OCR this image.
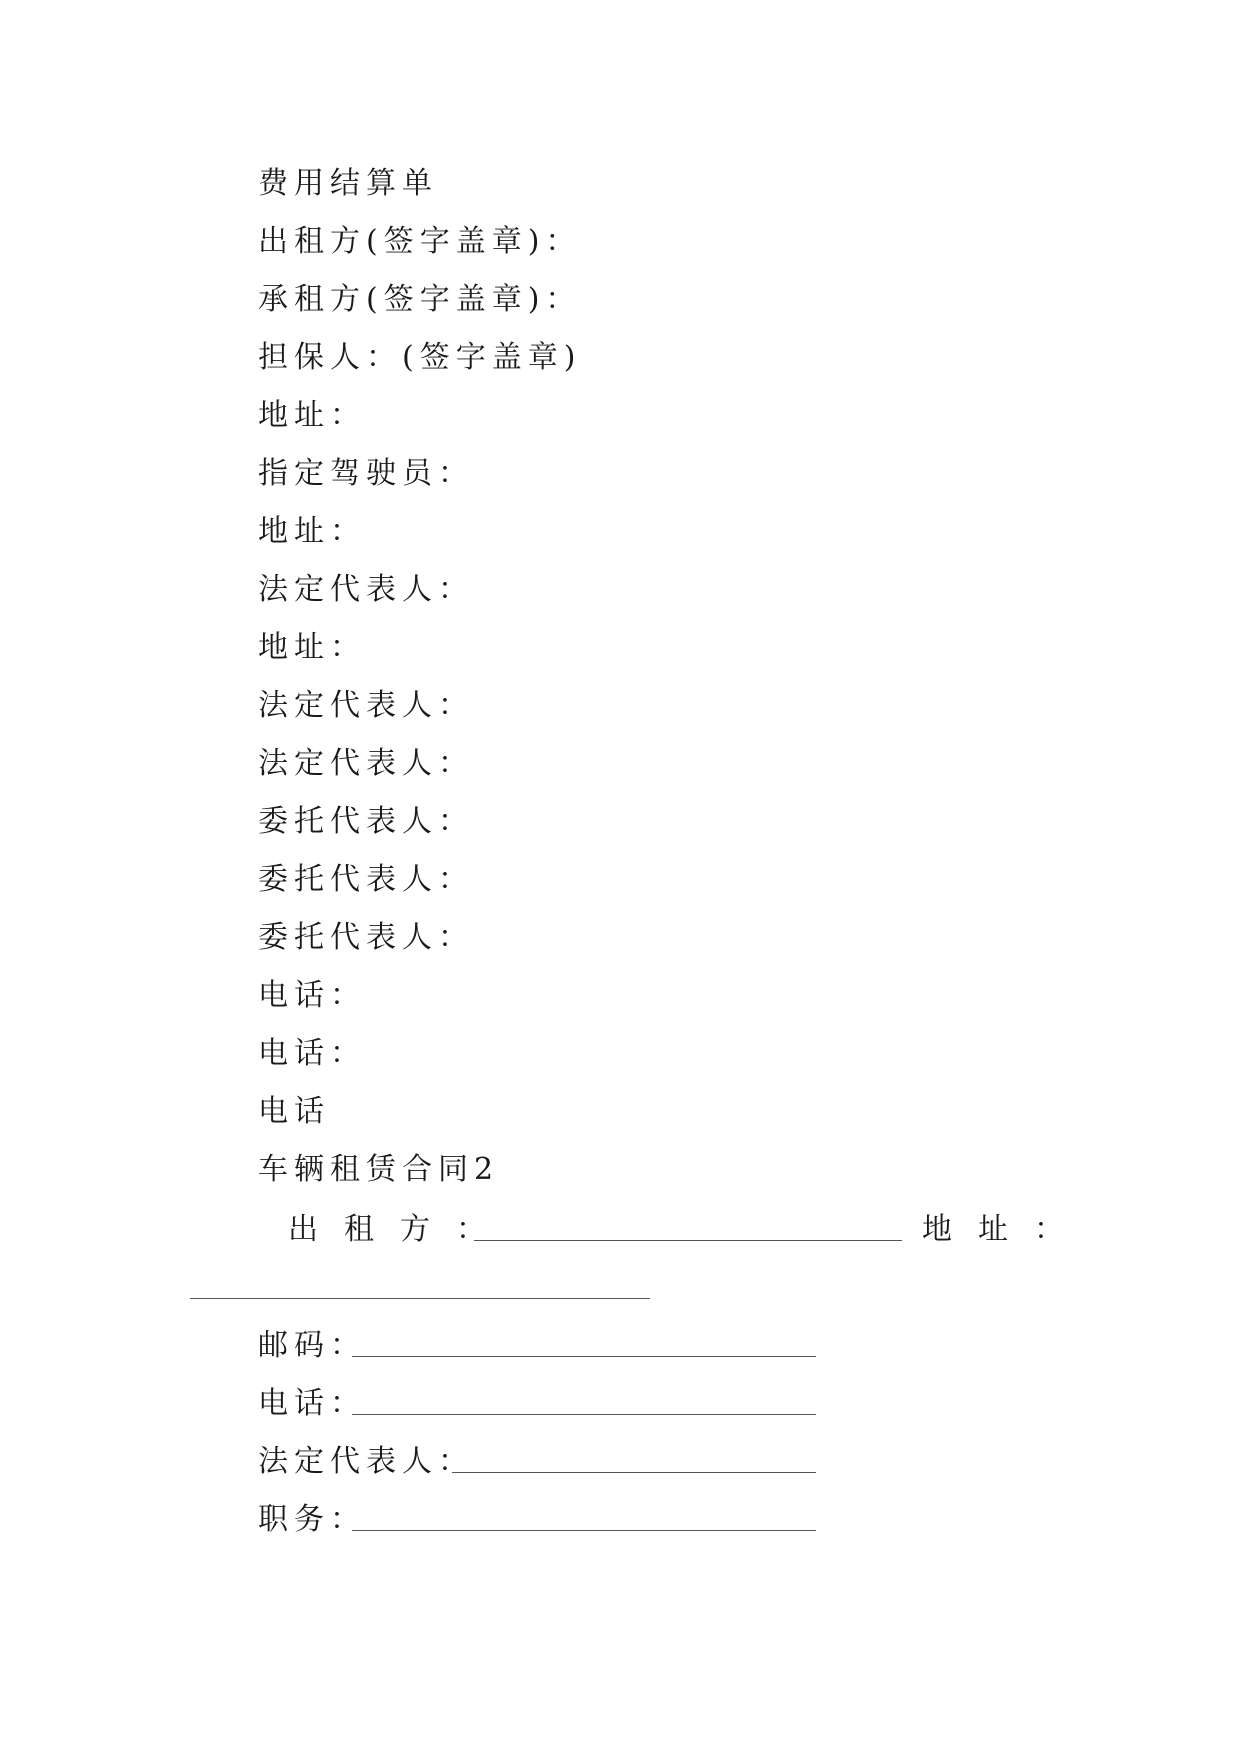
费用结算单
出租方(签字盖章)：
承租方(签字盖章)：
担保人：(签字盖章)
地址：
指定驾驶员：
地址：
法定代表人：
地址：
法定代表人：
法定代表人：
委托代表人：
委托代表人：
委托代表人：
电话：
电话：
电话
车辆租赁合同2
出租方：	地址：
邮码：
电话：
法定代表人：
职务：
